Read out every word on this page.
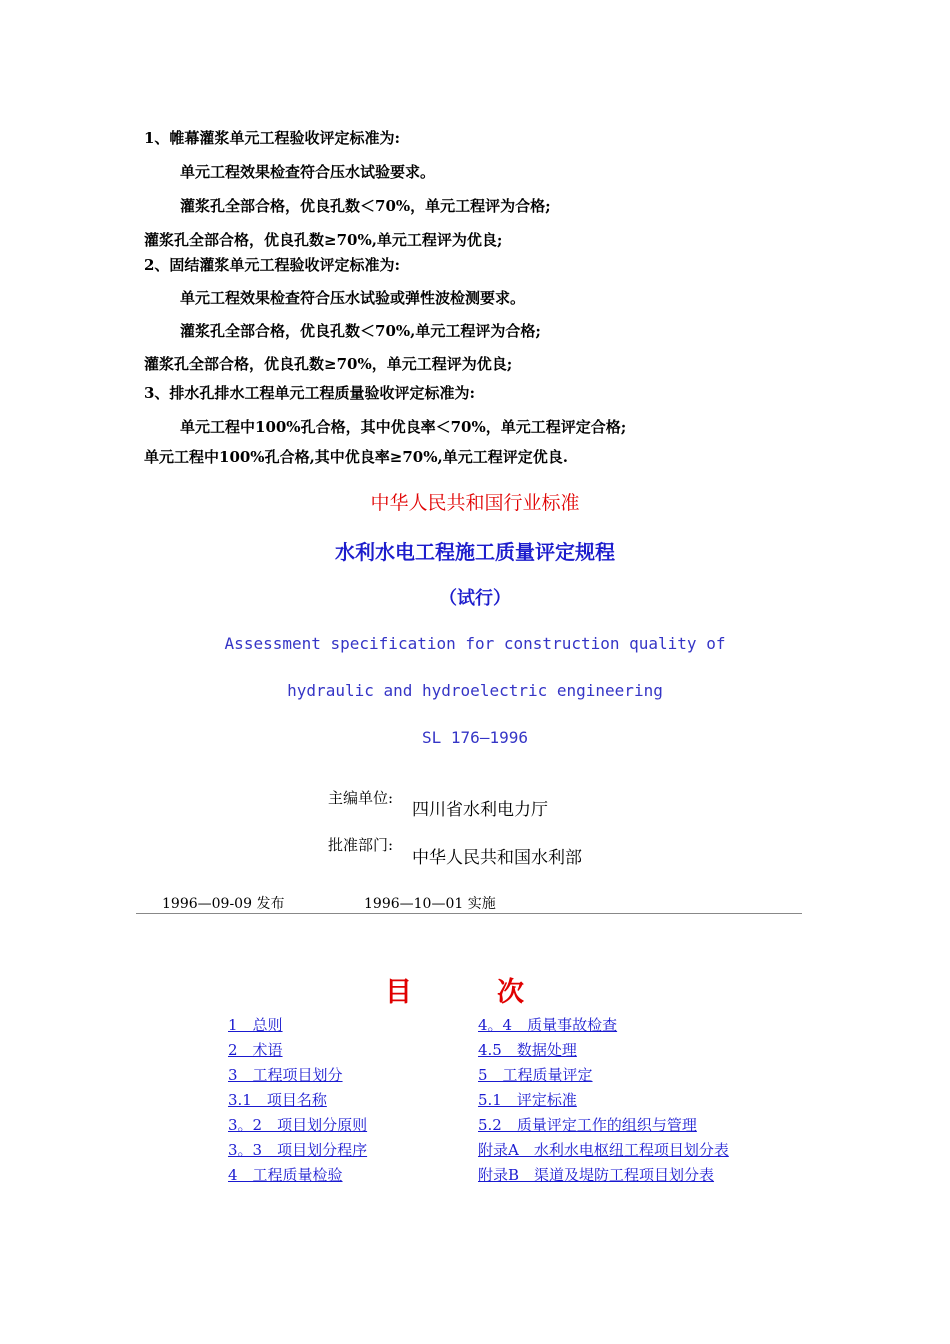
1、帷幕灌浆单元工程验收评定标准为:
单元工程效果检查符合压水试验要求。
灌浆孔全部合格，优良孔数＜70%，单元工程评为合格;
灌浆孔全部合格，优良孔数≥70%,单元工程评为优良;
2、固结灌浆单元工程验收评定标准为:
单元工程效果检查符合压水试验或弹性波检测要求。
灌浆孔全部合格，优良孔数＜70%,单元工程评为合格;
灌浆孔全部合格，优良孔数≥70%，单元工程评为优良;
3、排水孔排水工程单元工程质量验收评定标准为:
单元工程中100%孔合格，其中优良率＜70%，单元工程评定合格;
单元工程中100%孔合格,其中优良率≥70%,单元工程评定优良.
中华人民共和国行业标准
水利水电工程施工质量评定规程
（试行）
Assessment specification for construction quality of
hydraulic and hydroelectric engineering
SL 176—1996
主编单位:
四川省水利电力厅
批准部门:
中华人民共和国水利部
1996—09-09 发布	1996—10—01 实施
目	次
1　总则
2　术语
3　工程项目划分
3.1　项目名称
3。2　项目划分原则
3。3　项目划分程序
4　工程质量检验
4。4　质量事故检查
4.5　数据处理
5　工程质量评定
5.1　评定标准
5.2　质量评定工作的组织与管理
附录A　水利水电枢纽工程项目划分表
附录B　渠道及堤防工程项目划分表
